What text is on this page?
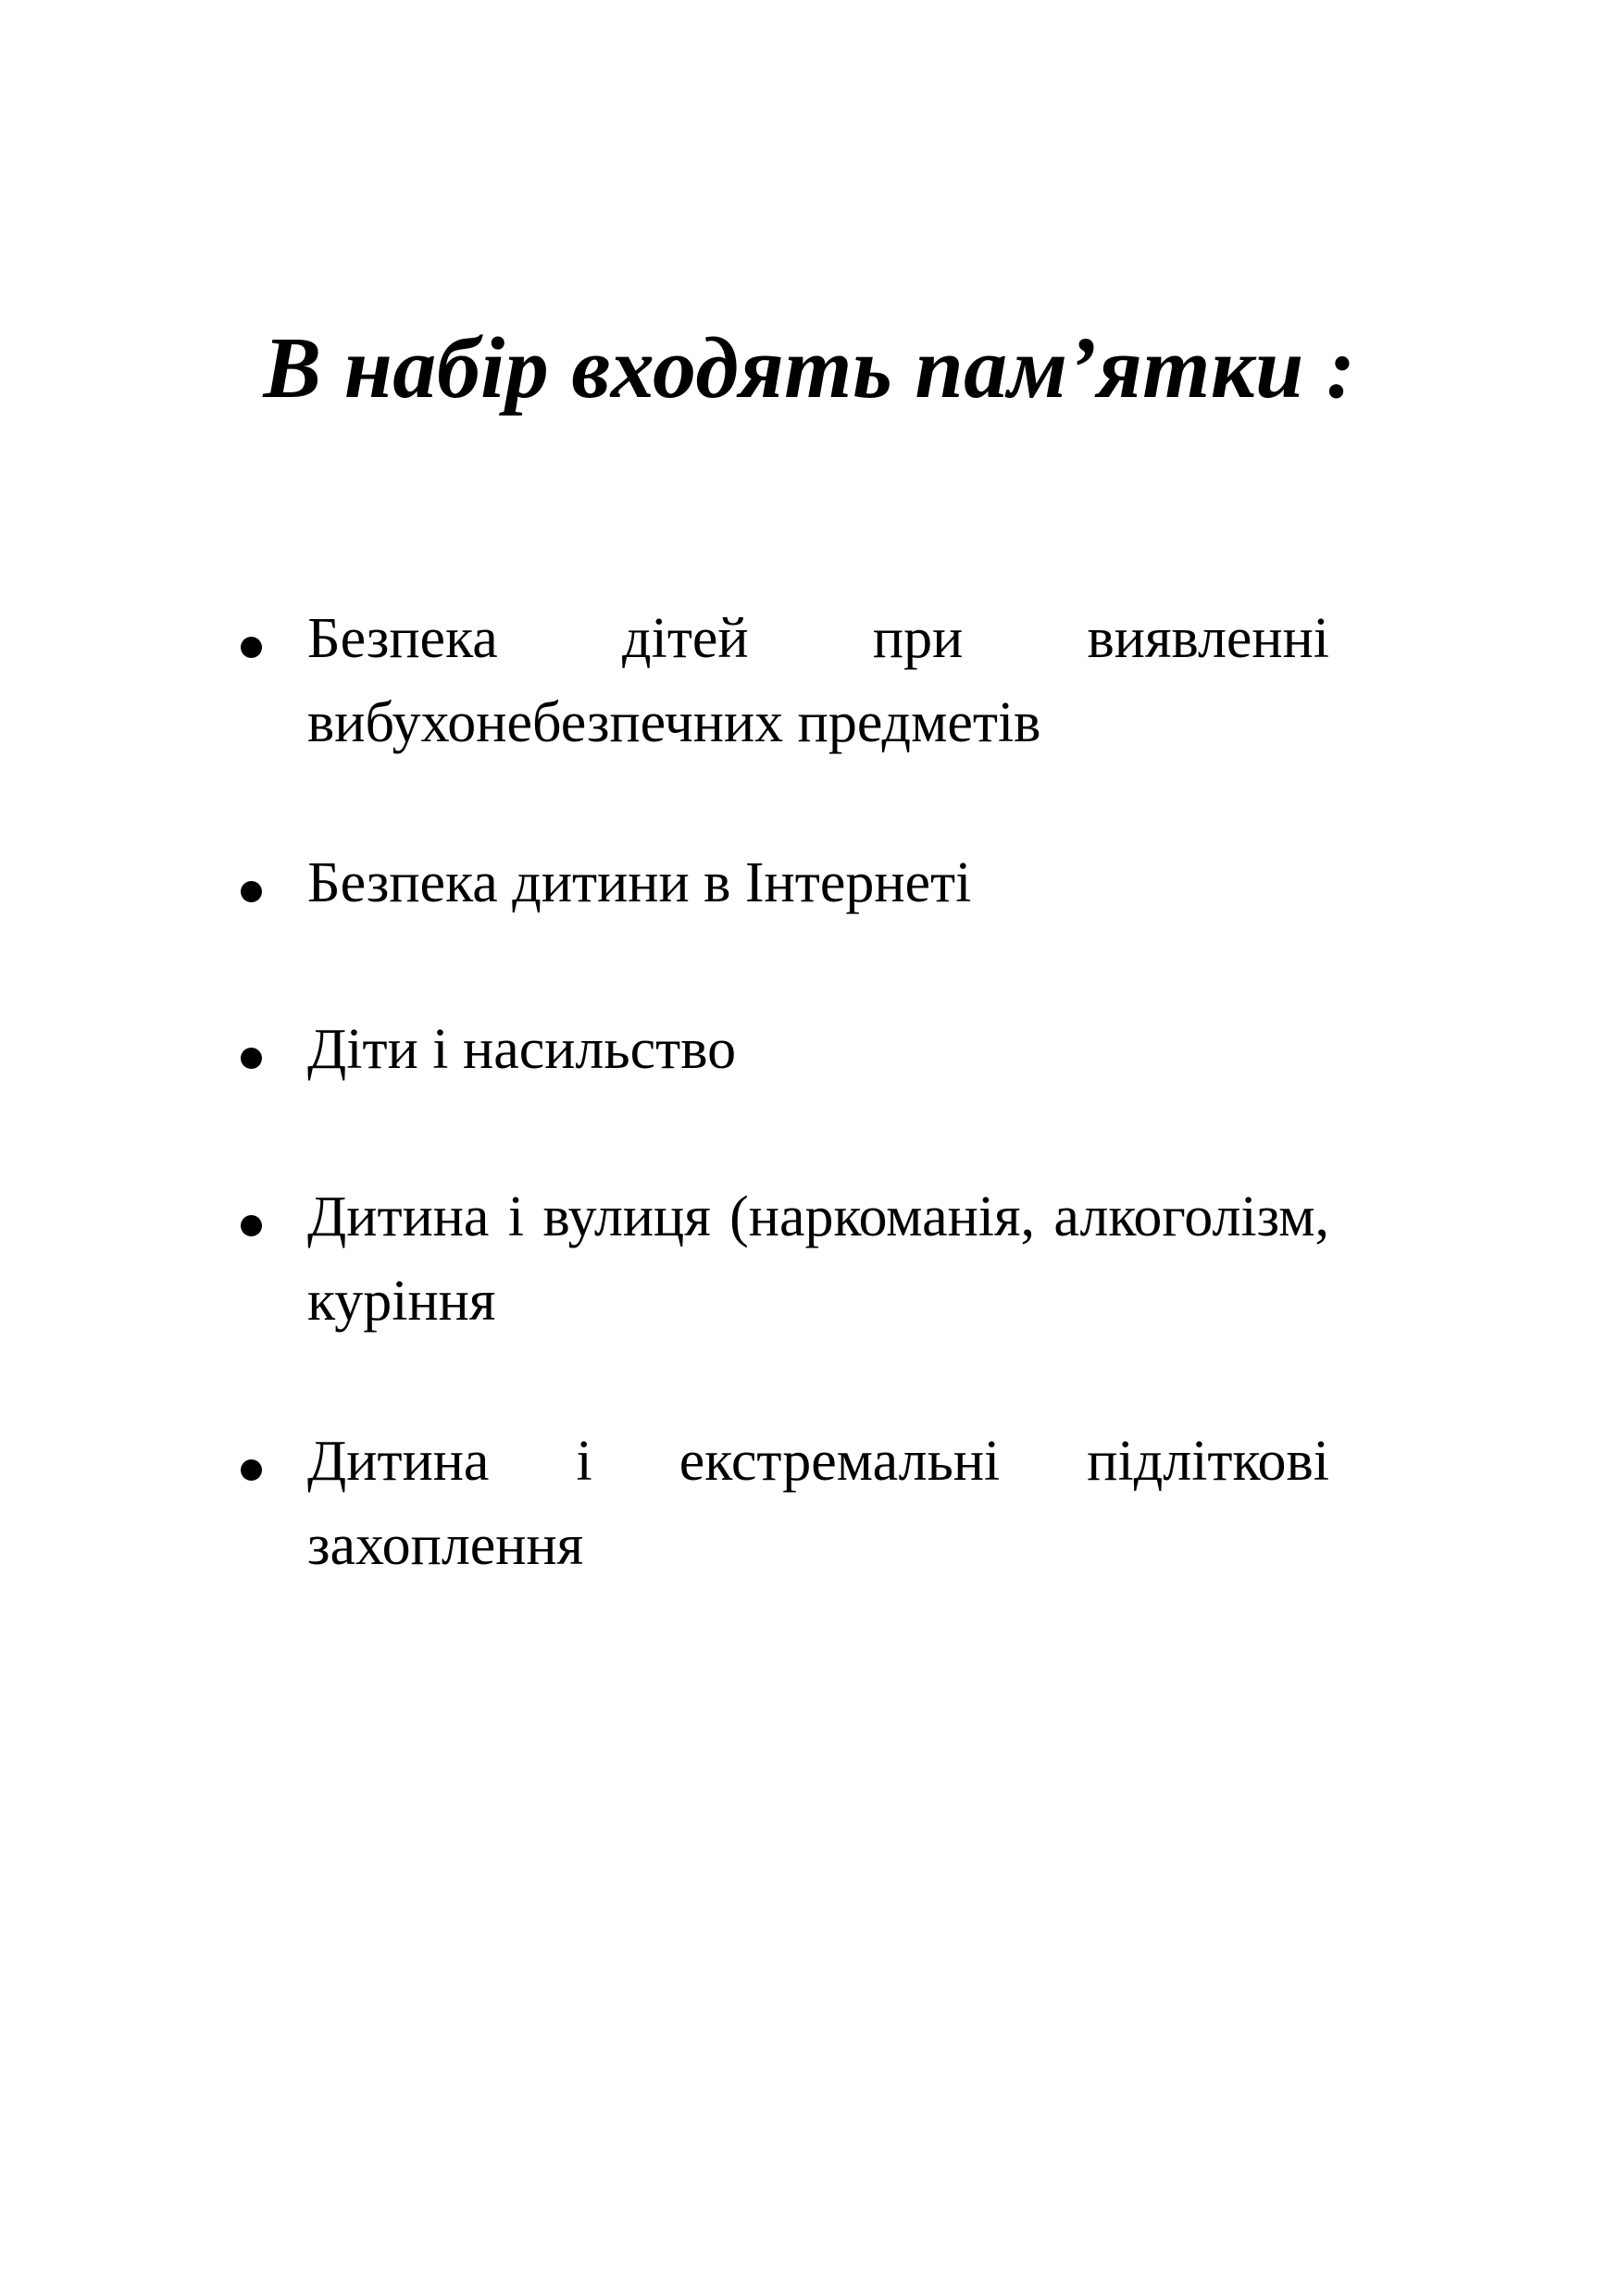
В набір входять пам’ятки :
Безпека дітей при виявленні вибухонебезпечних предметів
Безпека дитини в Інтернеті
Діти і насильство
Дитина і вулиця (наркоманія, алкоголізм, куріння
Дитина і екстремальні підліткові захоплення
